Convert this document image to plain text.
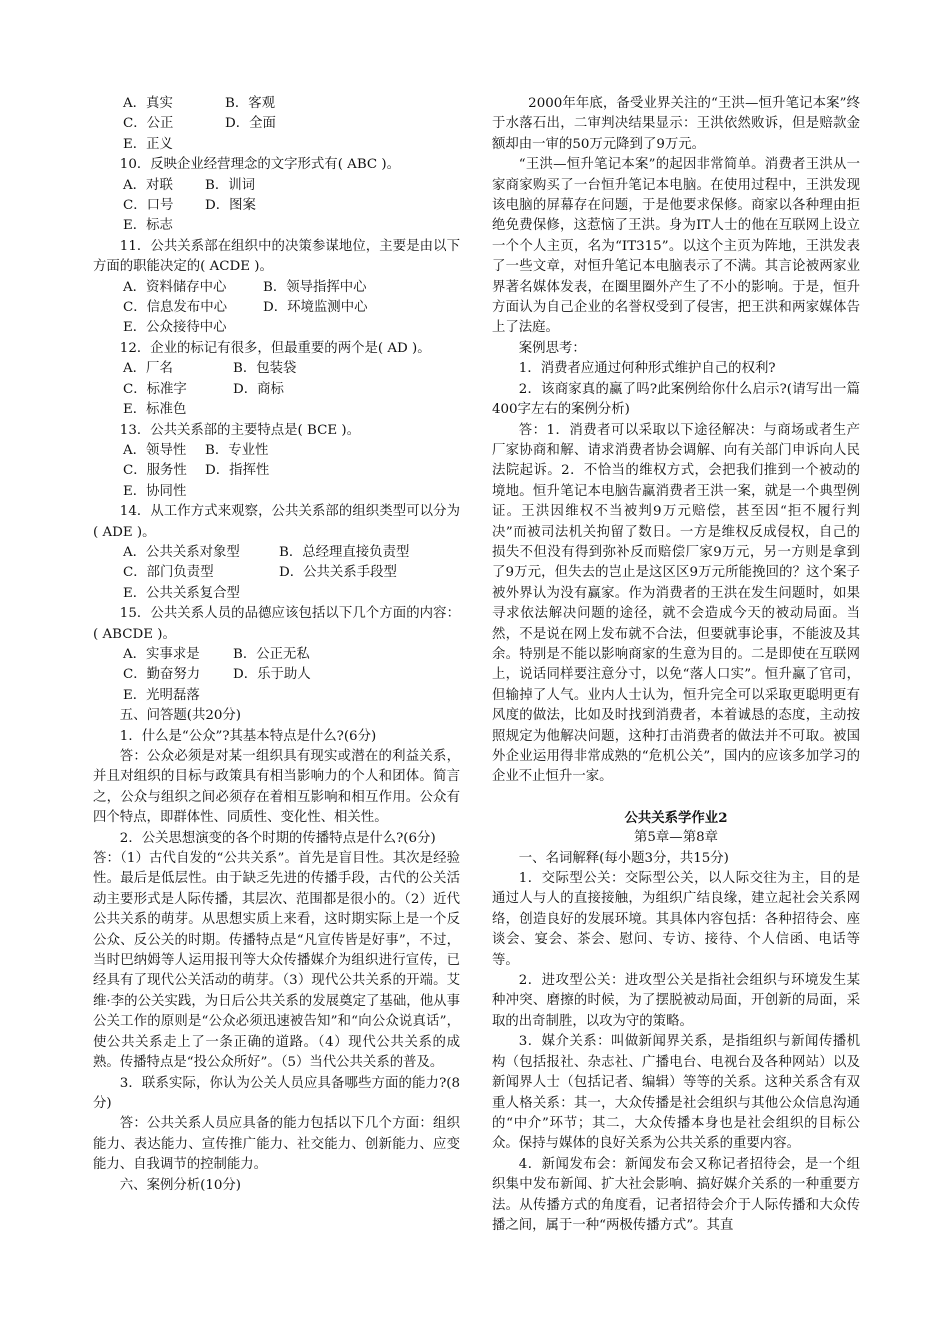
A．真实	B．客观

C．公正	D．全面

E．正义

10．反映企业经营理念的文字形式有( ABC )。

A．对联 B．训词

C．口号 D．图案

E．标志

11．公共关系部在组织中的决策参谋地位，主要是由以下方面的职能决定的( ACDE )。

A．资料储存中心	B．领导指挥中心

C．信息发布中心	D．环境监测中心

E．公众接待中心

12．企业的标记有很多，但最重要的两个是( AD )。

A．厂名	B．包装袋

C．标准字	D．商标

E．标准色

13．公共关系部的主要特点是( BCE )。

A．领导性 B．专业性

C．服务性 D．指挥性

E．协同性

14．从工作方式来观察，公共关系部的组织类型可以分为( ADE )。

A．公共关系对象型	B．总经理直接负责型

C．部门负责型	D．公共关系手段型

E．公共关系复合型

15．公共关系人员的品德应该包括以下几个方面的内容：( ABCDE )。

A．实事求是 B．公正无私

C．勤奋努力 D．乐于助人

E．光明磊落

五、问答题(共20分)

1．什么是“公众”?其基本特点是什么?(6分)

答：公众必须是对某一组织具有现实或潜在的利益关系，并且对组织的目标与政策具有相当影响力的个人和团体。简言之，公众与组织之间必须存在着相互影响和相互作用。公众有四个特点，即群体性、同质性、变化性、相关性。

2．公关思想演变的各个时期的传播特点是什么?(6分)

答：（1）古代自发的“公共关系”。首先是盲目性。其次是经验性。最后是低层性。由于缺乏先进的传播手段，古代的公关活动主要形式是人际传播，其层次、范围都是很小的。（2）近代公共关系的萌芽。从思想实质上来看，这时期实际上是一个反公众、反公关的时期。传播特点是“凡宣传皆是好事”，不过，当时巴纳姆等人运用报刊等大众传播媒介为组织进行宣传，已经具有了现代公关活动的萌芽。（3）现代公共关系的开端。艾维·李的公关实践，为日后公共关系的发展奠定了基础，他从事公关工作的原则是“公众必须迅速被告知”和“向公众说真话”，使公共关系走上了一条正确的道路。（4）现代公共关系的成熟。传播特点是“投公众所好”。（5）当代公共关系的普及。

3．联系实际，你认为公关人员应具备哪些方面的能力?(8分)

答：公共关系人员应具备的能力包括以下几个方面：组织能力、表达能力、宣传推广能力、社交能力、创新能力、应变能力、自我调节的控制能力。

六、案例分析(10分)

2000年年底，备受业界关注的“王洪—恒升笔记本案”终于水落石出，二审判决结果显示：王洪依然败诉，但是赔款金额却由一审的50万元降到了9万元。

“王洪—恒升笔记本案”的起因非常简单。消费者王洪从一家商家购买了一台恒升笔记本电脑。在使用过程中，王洪发现该电脑的屏幕存在问题，于是他要求保修。商家以各种理由拒绝免费保修，这惹恼了王洪。身为IT人士的他在互联网上设立一个个人主页，名为“IT315”。以这个主页为阵地，王洪发表了一些文章，对恒升笔记本电脑表示了不满。其言论被两家业界著名媒体发表，在圈里圈外产生了不小的影响。于是，恒升方面认为自己企业的名誉权受到了侵害，把王洪和两家媒体告上了法庭。

案例思考：

1．消费者应通过何种形式维护自己的权利?

2．该商家真的赢了吗?此案例给你什么启示?(请写出一篇400字左右的案例分析)

答：1．消费者可以采取以下途径解决：与商场或者生产厂家协商和解、请求消费者协会调解、向有关部门申诉向人民法院起诉。2．不恰当的维权方式，会把我们推到一个被动的境地。恒升笔记本电脑告赢消费者王洪一案，就是一个典型例证。王洪因维权不当被判9万元赔偿，甚至因“拒不履行判决”而被司法机关拘留了数日。一方是维权反成侵权，自己的损失不但没有得到弥补反而赔偿厂家9万元，另一方则是拿到了9万元，但失去的岂止是这区区9万元所能挽回的？这个案子被外界认为没有赢家。作为消费者的王洪在发生问题时，如果寻求依法解决问题的途径，就不会造成今天的被动局面。当然，不是说在网上发布就不合法，但要就事论事，不能波及其余。特别是不能以影响商家的生意为目的。二是即使在互联网上，说话同样要注意分寸，以免“落人口实”。恒升赢了官司，但输掉了人气。业内人士认为，恒升完全可以采取更聪明更有风度的做法，比如及时找到消费者，本着诚恳的态度，主动按照规定为他解决问题，这种打击消费者的做法并不可取。被国外企业运用得非常成熟的“危机公关”，国内的应该多加学习的企业不止恒升一家。

公共关系学作业2

第5章—第8章

一、名词解释(每小题3分，共15分)

1．交际型公关：交际型公关，以人际交往为主，目的是通过人与人的直接接触，为组织广结良缘，建立起社会关系网络，创造良好的发展环境。其具体内容包括：各种招待会、座谈会、宴会、茶会、慰问、专访、接待、个人信函、电话等等。

2．进攻型公关：进攻型公关是指社会组织与环境发生某种冲突、磨擦的时候，为了摆脱被动局面，开创新的局面，采取的出奇制胜，以攻为守的策略。

3．媒介关系：叫做新闻界关系，是指组织与新闻传播机构（包括报社、杂志社、广播电台、电视台及各种网站）以及新闻界人士（包括记者、编辑）等等的关系。这种关系含有双重人格关系：其一，大众传播是社会组织与其他公众信息沟通的“中介”环节；其二，大众传播本身也是社会组织的目标公众。保持与媒体的良好关系为公共关系的重要内容。

4．新闻发布会：新闻发布会又称记者招待会，是一个组织集中发布新闻、扩大社会影响、搞好媒介关系的一种重要方法。从传播方式的角度看，记者招待会介于人际传播和大众传播之间，属于一种“两极传播方式”。其直
